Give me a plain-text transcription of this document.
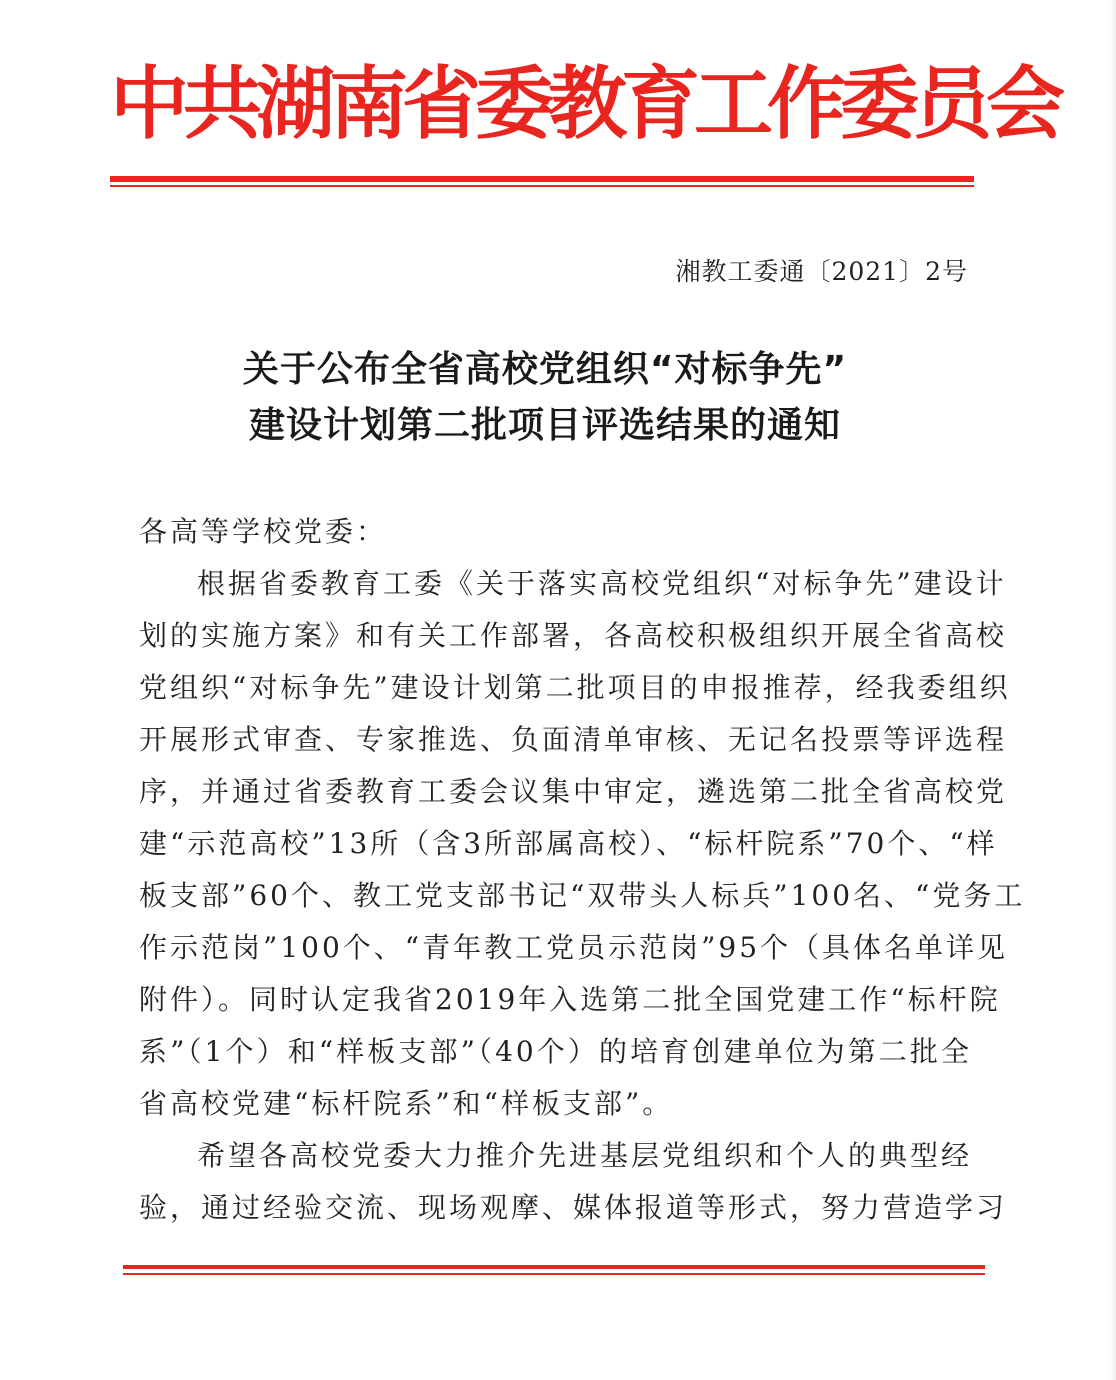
中共湖南省委教育工作委员会
湘教工委通〔2021〕2号
关于公布全省高校党组织“对标争先”
建设计划第二批项目评选结果的通知
各高等学校党委：
根据省委教育工委《关于落实高校党组织“对标争先”建设计
划的实施方案》和有关工作部署，各高校积极组织开展全省高校
党组织“对标争先”建设计划第二批项目的申报推荐，经我委组织
开展形式审查、专家推选、负面清单审核、无记名投票等评选程
序，并通过省委教育工委会议集中审定，遴选第二批全省高校党
建“示范高校”13所（含3所部属高校）、“标杆院系”70个、“样
板支部”60个、教工党支部书记“双带头人标兵”100名、“党务工
作示范岗”100个、“青年教工党员示范岗”95个（具体名单详见
附件）。同时认定我省2019年入选第二批全国党建工作“标杆院
系”（1个）和“样板支部”（40个）的培育创建单位为第二批全
省高校党建“标杆院系”和“样板支部”。
希望各高校党委大力推介先进基层党组织和个人的典型经
验，通过经验交流、现场观摩、媒体报道等形式，努力营造学习
